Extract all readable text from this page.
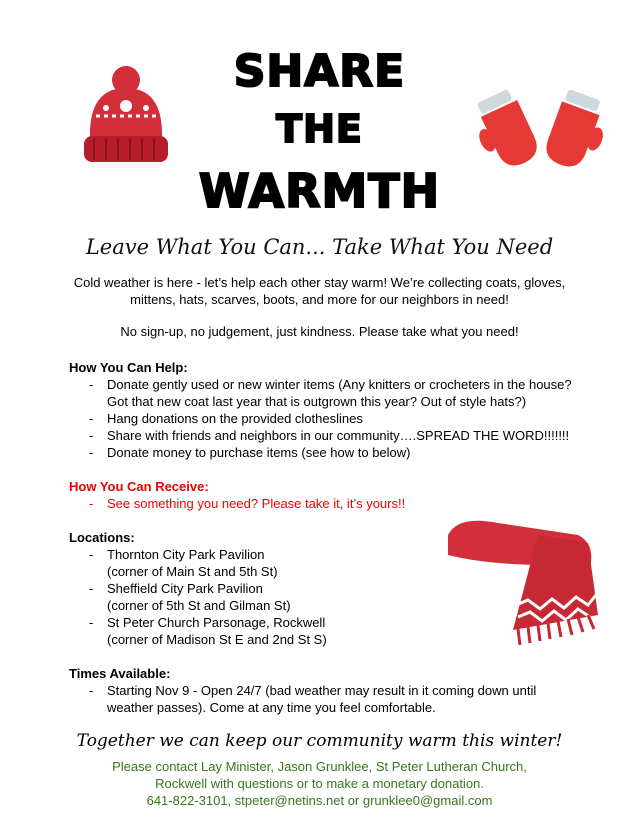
SHARE
THE
WARMTH
Leave What You Can... Take What You Need
Cold weather is here - let’s help each other stay warm! We’re collecting coats, gloves,
mittens, hats, scarves, boots, and more for our neighbors in need!
No sign-up, no judgement, just kindness. Please take what you need!
How You Can Help:
- Donate gently used or new winter items (Any knitters or crocheters in the house? Got that new coat last year that is outgrown this year? Out of style hats?)
- Hang donations on the provided clotheslines
- Share with friends and neighbors in our community….SPREAD THE WORD!!!!!!!
- Donate money to purchase items (see how to below)
How You Can Receive:
- See something you need? Please take it, it’s yours!!
Locations:
- Thornton City Park Pavilion
(corner of Main St and 5th St)
- Sheffield City Park Pavilion
(corner of 5th St and Gilman St)
- St Peter Church Parsonage, Rockwell
(corner of Madison St E and 2nd St S)
Times Available:
- Starting Nov 9 - Open 24/7 (bad weather may result in it coming down until weather passes). Come at any time you feel comfortable.
Together we can keep our community warm this winter!
Please contact Lay Minister, Jason Grunklee, St Peter Lutheran Church,
Rockwell with questions or to make a monetary donation.
641-822-3101, stpeter@netins.net or grunklee0@gmail.com
